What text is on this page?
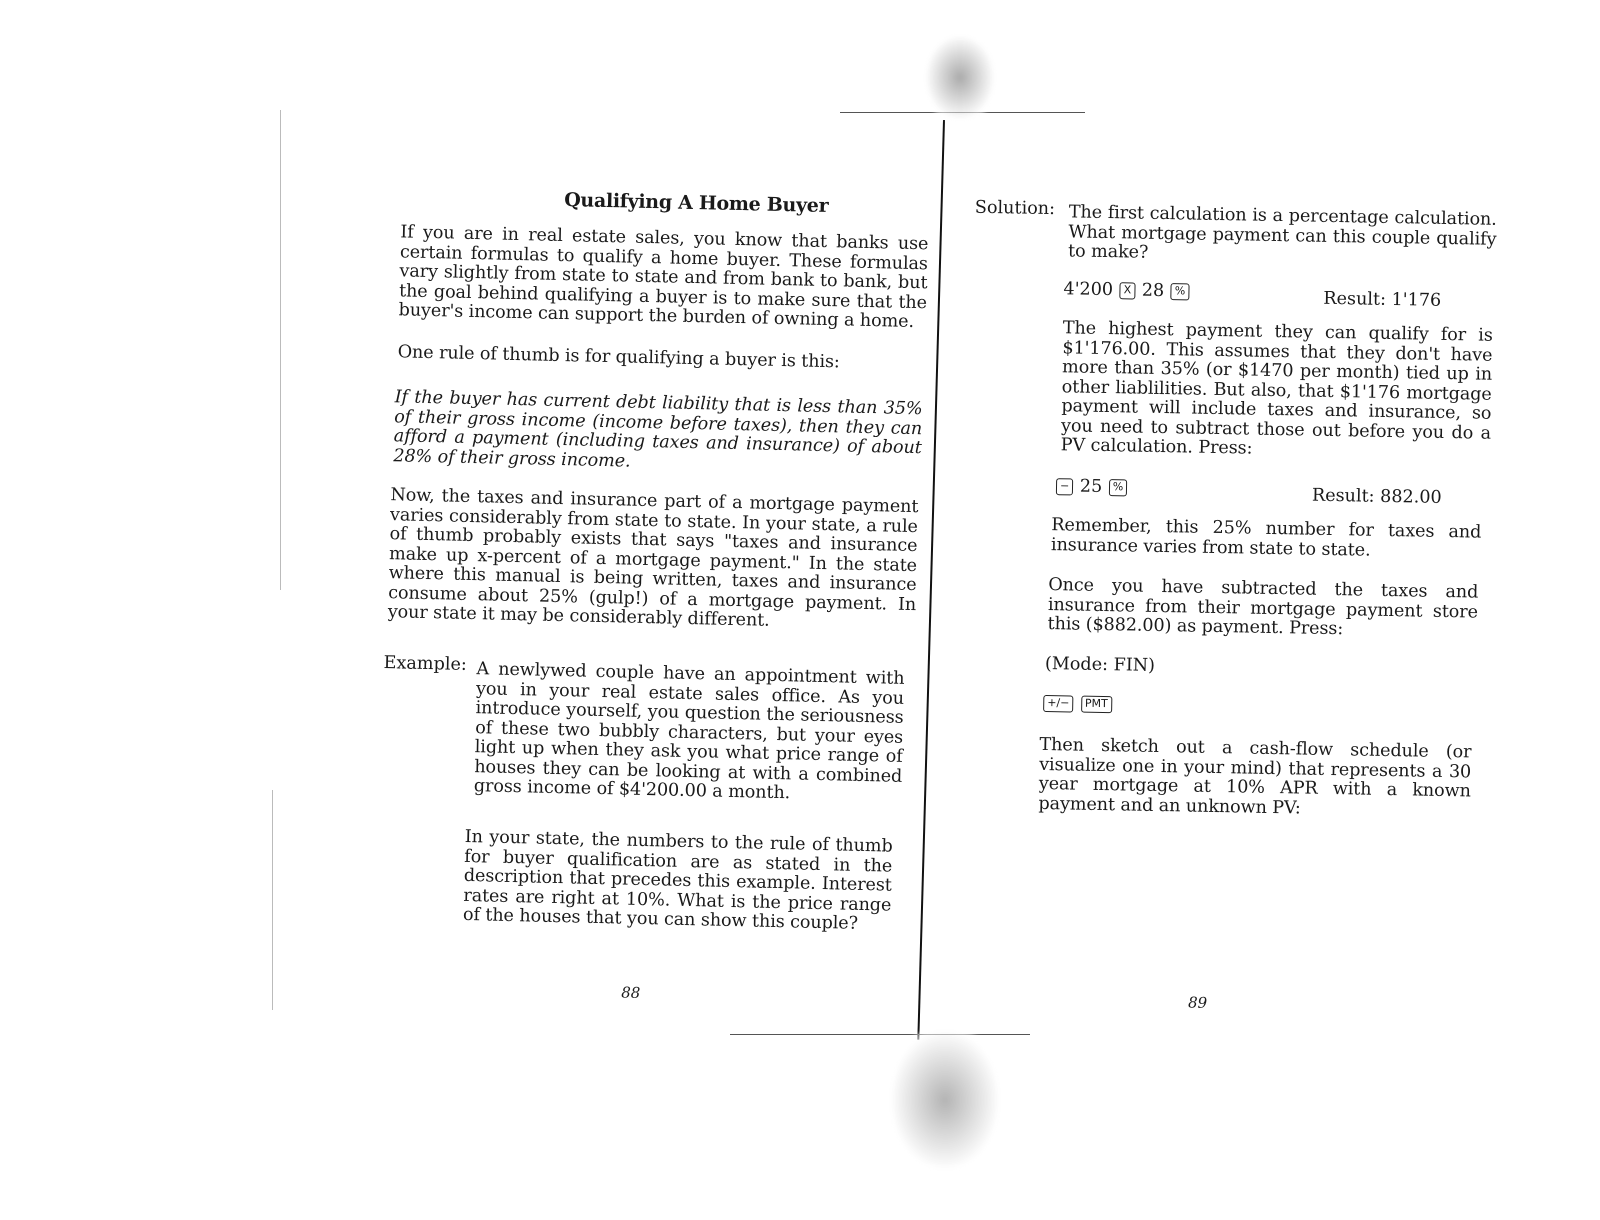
Qualifying A Home Buyer
If you are in real estate sales, you know that banks use certain formulas to qualify a home buyer. These formulas vary slightly from state to state and from bank to bank, but the goal behind qualifying a buyer is to make sure that the buyer's income can support the burden of owning a home.
One rule of thumb is for qualifying a buyer is this:
If the buyer has current debt liability that is less than 35% of their gross income (income before taxes), then they can afford a payment (including taxes and insurance) of about 28% of their gross income.
Now, the taxes and insurance part of a mortgage payment varies considerably from state to state. In your state, a rule of thumb probably exists that says "taxes and insurance make up x-percent of a mortgage payment." In the state where this manual is being written, taxes and insurance consume about 25% (gulp!) of a mortgage payment. In your state it may be considerably different.
Example: A newlywed couple have an appointment with you in your real estate sales office. As you introduce yourself, you question the seriousness of these two bubbly characters, but your eyes light up when they ask you what price range of houses they can be looking at with a combined gross income of $4'200.00 a month.
In your state, the numbers to the rule of thumb for buyer qualification are as stated in the description that precedes this example. Interest rates are right at 10%. What is the price range of the houses that you can show this couple?
88
Solution: The first calculation is a percentage calculation. What mortgage payment can this couple qualify to make?
4'200 X 28 %	Result: 1'176
The highest payment they can qualify for is $1'176.00. This assumes that they don't have more than 35% (or $1470 per month) tied up in other liablilities. But also, that $1'176 mortgage payment will include taxes and insurance, so you need to subtract those out before you do a PV calculation. Press:
− 25 %	Result: 882.00
Remember, this 25% number for taxes and insurance varies from state to state.
Once you have subtracted the taxes and insurance from their mortgage payment store this ($882.00) as payment. Press:
(Mode: FIN)
+/− PMT
Then sketch out a cash-flow schedule (or visualize one in your mind) that represents a 30 year mortgage at 10% APR with a known payment and an unknown PV:
89
